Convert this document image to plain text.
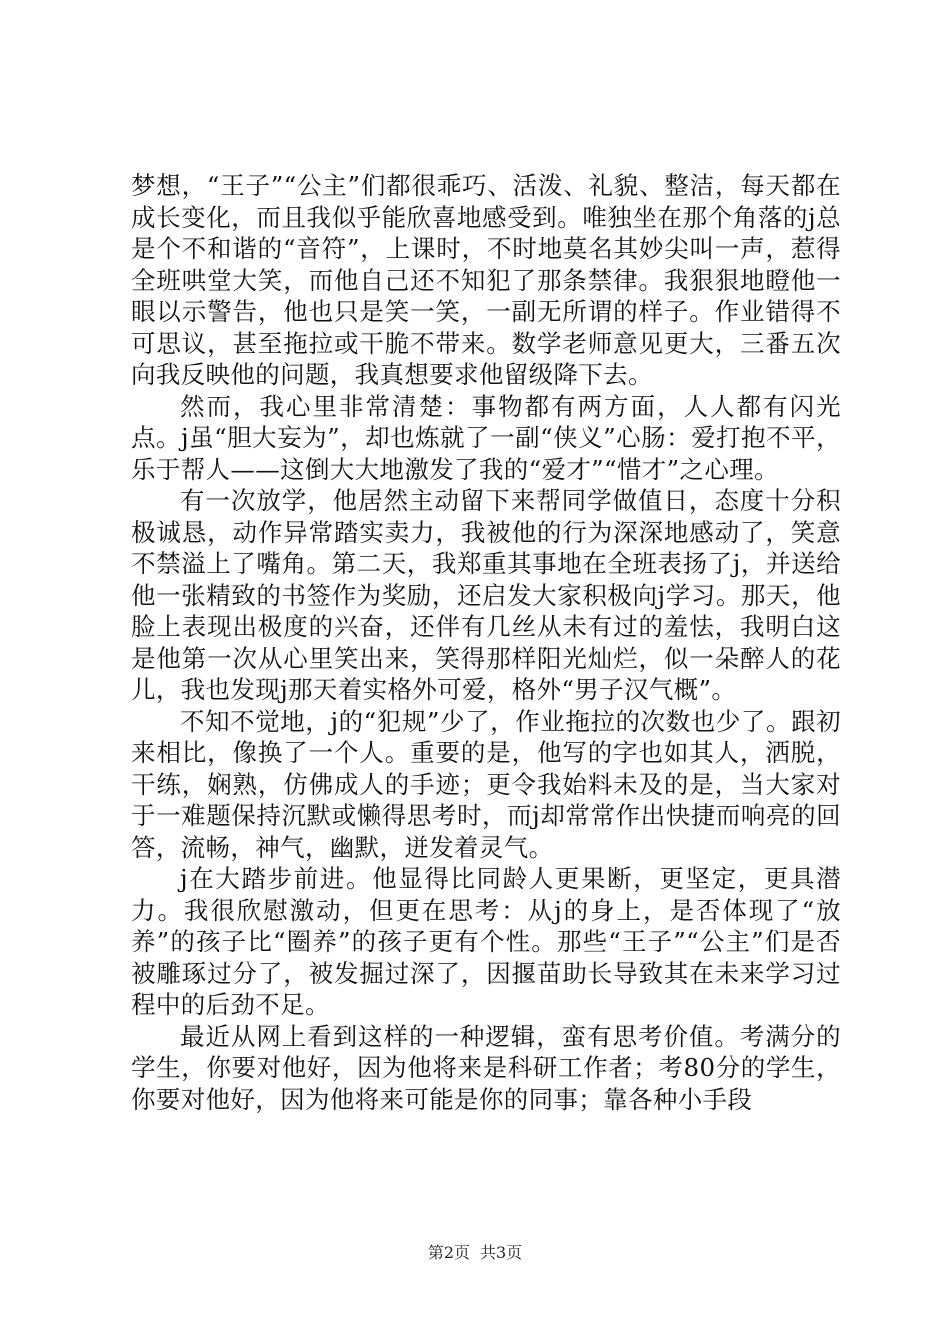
梦想，“王子”“公主”们都很乖巧、活泼、礼貌、整洁，每天都在成长变化，而且我似乎能欣喜地感受到。唯独坐在那个角落的j总是个不和谐的“音符”，上课时，不时地莫名其妙尖叫一声，惹得全班哄堂大笑，而他自己还不知犯了那条禁律。我狠狠地瞪他一眼以示警告，他也只是笑一笑，一副无所谓的样子。作业错得不可思议，甚至拖拉或干脆不带来。数学老师意见更大，三番五次向我反映他的问题，我真想要求他留级降下去。

然而，我心里非常清楚：事物都有两方面，人人都有闪光点。j虽“胆大妄为”，却也炼就了一副“侠义”心肠：爱打抱不平，乐于帮人——这倒大大地激发了我的“爱才”“惜才”之心理。

有一次放学，他居然主动留下来帮同学做值日，态度十分积极诚恳，动作异常踏实卖力，我被他的行为深深地感动了，笑意不禁溢上了嘴角。第二天，我郑重其事地在全班表扬了j，并送给他一张精致的书签作为奖励，还启发大家积极向j学习。那天，他脸上表现出极度的兴奋，还伴有几丝从未有过的羞怯，我明白这是他第一次从心里笑出来，笑得那样阳光灿烂，似一朵醉人的花儿，我也发现j那天着实格外可爱，格外“男子汉气概”。

不知不觉地，j的“犯规”少了，作业拖拉的次数也少了。跟初来相比，像换了一个人。重要的是，他写的字也如其人，洒脱，干练，娴熟，仿佛成人的手迹；更令我始料未及的是，当大家对于一难题保持沉默或懒得思考时，而j却常常作出快捷而响亮的回答，流畅，神气，幽默，迸发着灵气。

j在大踏步前进。他显得比同龄人更果断，更坚定，更具潜力。我很欣慰激动，但更在思考：从j的身上，是否体现了“放养”的孩子比“圈养”的孩子更有个性。那些“王子”“公主”们是否被雕琢过分了，被发掘过深了，因揠苗助长导致其在未来学习过程中的后劲不足。

最近从网上看到这样的一种逻辑，蛮有思考价值。考满分的学生，你要对他好，因为他将来是科研工作者；考80分的学生，你要对他好，因为他将来可能是你的同事；靠各种小手段

第2页 共3页
